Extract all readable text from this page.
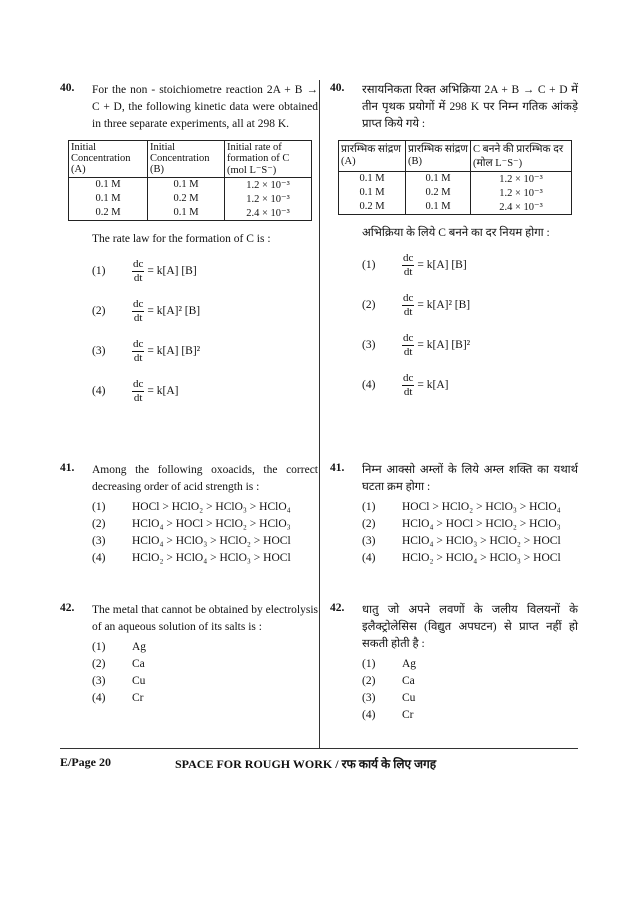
40. For the non - stoichiometre reaction 2A + B → C + D, the following kinetic data were obtained in three separate experiments, all at 298 K.
Initial Concentration (A)	Initial Concentration (B)	Initial rate of formation of C (mol L⁻S⁻)
0.1 M	0.1 M	1.2 × 10⁻³
0.1 M	0.2 M	1.2 × 10⁻³
0.2 M	0.1 M	2.4 × 10⁻³
The rate law for the formation of C is :
(1)	$\frac{dc}{dt} = k[A]$ [B]
(2)	$\frac{dc}{dt} = k[A]^2$ [B]
(3)	$\frac{dc}{dt} = k[A]$ [B]²
(4)	$\frac{dc}{dt} = k[A]$
41. Among the following oxoacids, the correct decreasing order of acid strength is :
(1)	HOCl > HClO₂ > HClO₃ > HClO₄
(2)	HClO₄ > HOCl > HClO₂ > HClO₃
(3)	HClO₄ > HClO₃ > HClO₂ > HOCl
(4)	HClO₂ > HClO₄ > HClO₃ > HOCl
42. The metal that cannot be obtained by electrolysis of an aqueous solution of its salts is :
(1)	Ag
(2)	Ca
(3)	Cu
(4)	Cr
40. रसायनिकता रिक्त अभिक्रिया 2A + B → C + D में तीन पृथक प्रयोगों में 298 K पर निम्न गतिक आंकड़े प्राप्त किये गये :
प्रारम्भिक सांद्रण (A)	प्रारम्भिक सांद्रण (B)	C बनने की प्रारम्भिक दर (मोल L⁻S⁻)
0.1 M	0.1 M	1.2 × 10⁻³
0.1 M	0.2 M	1.2 × 10⁻³
0.2 M	0.1 M	2.4 × 10⁻³
अभिक्रिया के लिये C बनने का दर नियम होगा :
(1)	$\frac{dc}{dt} = k[A]$ [B]
(2)	$\frac{dc}{dt} = k[A]^2$ [B]
(3)	$\frac{dc}{dt} = k[A]$ [B]²
(4)	$\frac{dc}{dt} = k[A]$
41. निम्न आक्सो अम्लों के लिये अम्ल शक्ति का यथार्थ घटता क्रम होगा :
(1)	HOCl > HClO₂ > HClO₃ > HClO₄
(2)	HClO₄ > HOCl > HClO₂ > HClO₃
(3)	HClO₄ > HClO₃ > HClO₂ > HOCl
(4)	HClO₂ > HClO₄ > HClO₃ > HOCl
42. धातु जो अपने लवणों के जलीय विलयनों के इलैक्ट्रोलेसिस (विद्युत अपघटन) से प्राप्त नहीं हो सकती होती है :
(1)	Ag
(2)	Ca
(3)	Cu
(4)	Cr
E/Page 20	SPACE FOR ROUGH WORK / रफ कार्य के लिए जगह
